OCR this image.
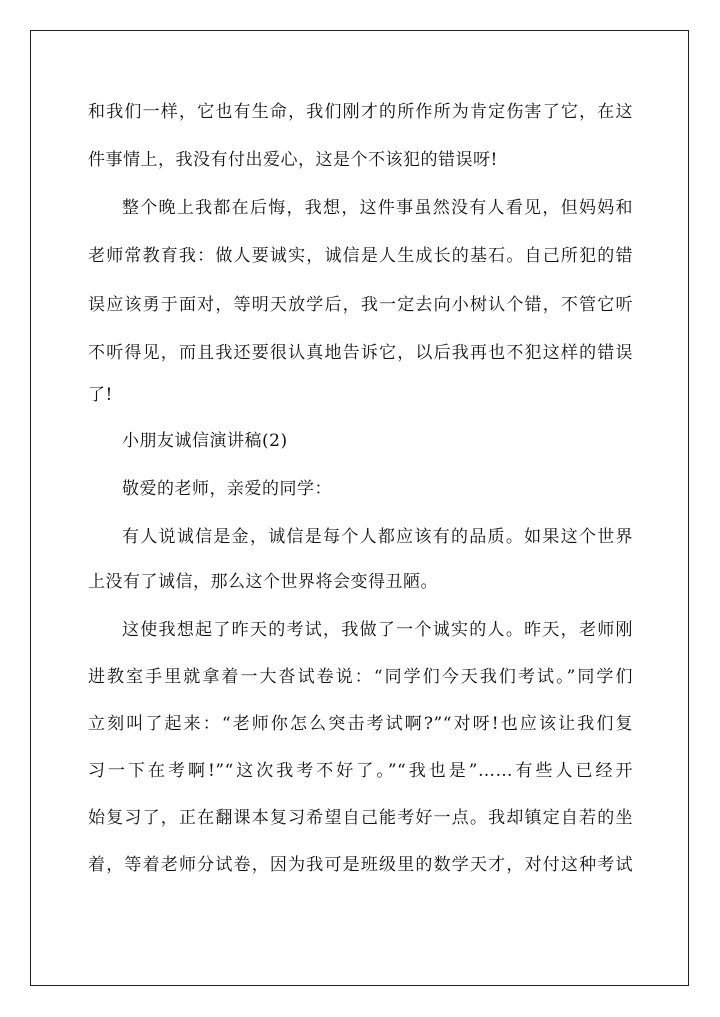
和我们一样，它也有生命，我们刚才的所作所为肯定伤害了它，在这
件事情上，我没有付出爱心，这是个不该犯的错误呀!
整个晚上我都在后悔，我想，这件事虽然没有人看见，但妈妈和
老师常教育我：做人要诚实，诚信是人生成长的基石。自己所犯的错
误应该勇于面对，等明天放学后，我一定去向小树认个错，不管它听
不听得见，而且我还要很认真地告诉它，以后我再也不犯这样的错误
了!
小朋友诚信演讲稿(2)
敬爱的老师，亲爱的同学：
有人说诚信是金，诚信是每个人都应该有的品质。如果这个世界
上没有了诚信，那么这个世界将会变得丑陋。
这使我想起了昨天的考试，我做了一个诚实的人。昨天，老师刚
进教室手里就拿着一大沓试卷说：“同学们今天我们考试。”同学们
立刻叫了起来：“老师你怎么突击考试啊?”“对呀!也应该让我们复
习一下在考啊!”“这次我考不好了。”“我也是”……有些人已经开
始复习了，正在翻课本复习希望自己能考好一点。我却镇定自若的坐
着，等着老师分试卷，因为我可是班级里的数学天才，对付这种考试
